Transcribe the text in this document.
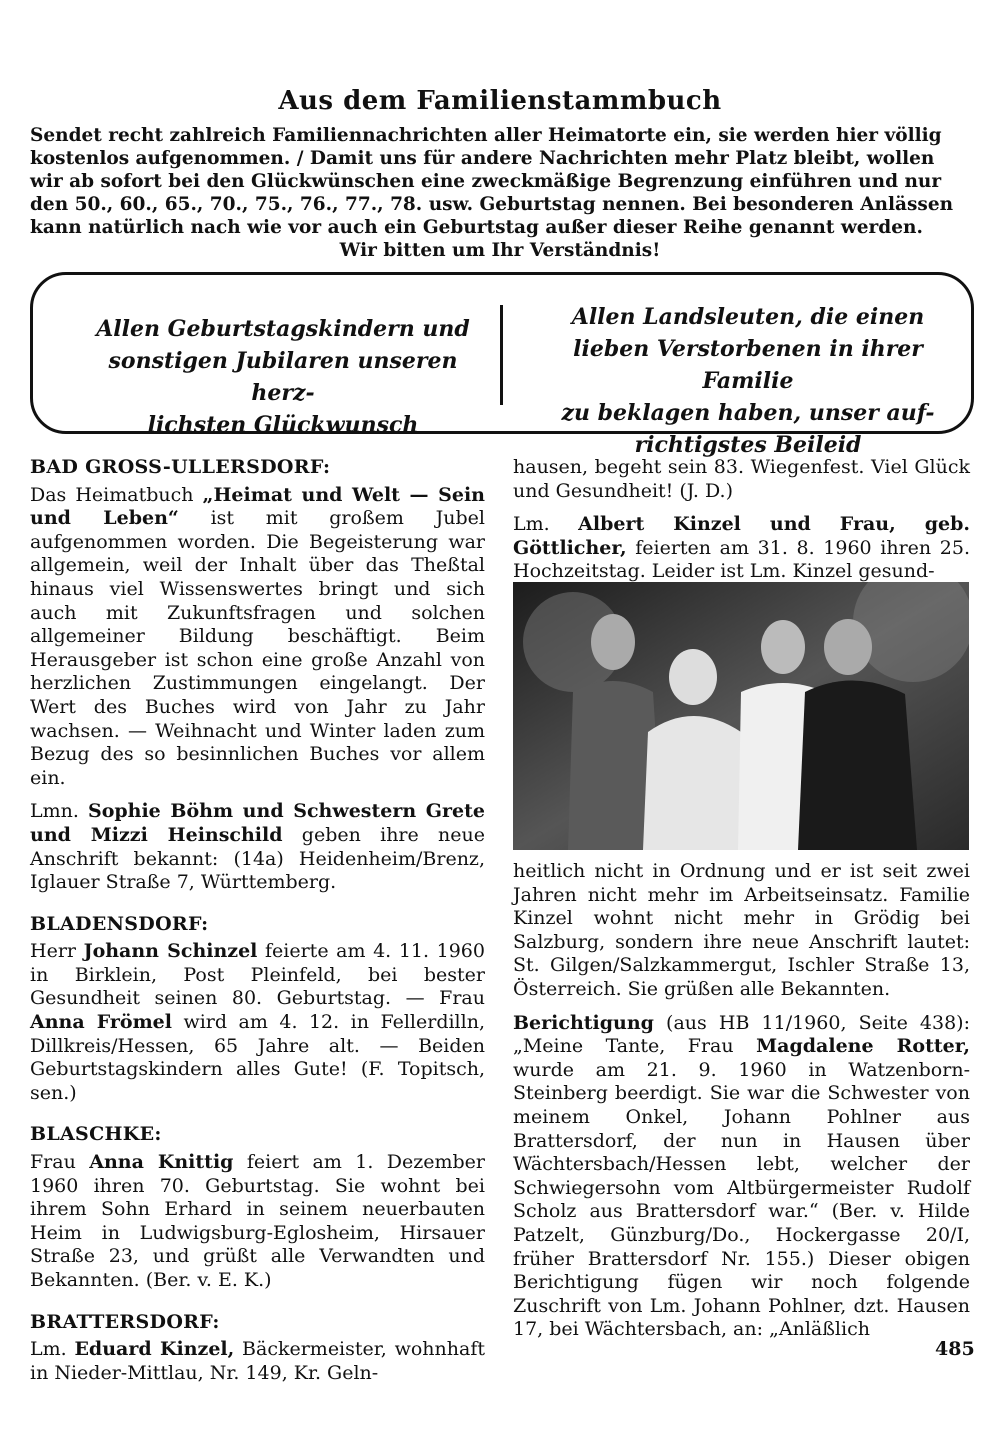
Aus dem Familienstammbuch
Sendet recht zahlreich Familiennachrichten aller Heimatorte ein, sie werden hier völlig
kostenlos aufgenommen. / Damit uns für andere Nachrichten mehr Platz bleibt, wollen
wir ab sofort bei den Glückwünschen eine zweckmäßige Begrenzung einführen und nur
den 50., 60., 65., 70., 75., 76., 77., 78. usw. Geburtstag nennen. Bei besonderen Anlässen
kann natürlich nach wie vor auch ein Geburtstag außer dieser Reihe genannt werden.
Wir bitten um Ihr Verständnis!
Allen Geburtstagskindern und
sonstigen Jubilaren unseren herz-
lichsten Glückwunsch
Allen Landsleuten, die einen
lieben Verstorbenen in ihrer Familie
zu beklagen haben, unser auf-
richtigstes Beileid
BAD GROSS-ULLERSDORF:

Das Heimatbuch „Heimat und Welt — Sein und Leben“ ist mit großem Jubel aufgenommen worden. Die Begeisterung war allgemein, weil der Inhalt über das Theßtal hinaus viel Wissenswertes bringt und sich auch mit Zukunftsfragen und solchen allgemeiner Bildung beschäftigt. Beim Herausgeber ist schon eine große Anzahl von herzlichen Zustimmungen eingelangt. Der Wert des Buches wird von Jahr zu Jahr wachsen. — Weihnacht und Winter laden zum Bezug des so besinnlichen Buches vor allem ein.

Lmn. Sophie Böhm und Schwestern Grete und Mizzi Heinschild geben ihre neue Anschrift bekannt: (14a) Heidenheim/Brenz, Iglauer Straße 7, Württemberg.

BLADENSDORF:

Herr Johann Schinzel feierte am 4. 11. 1960 in Birklein, Post Pleinfeld, bei bester Gesundheit seinen 80. Geburtstag. — Frau Anna Frömel wird am 4. 12. in Fellerdilln, Dillkreis/Hessen, 65 Jahre alt. — Beiden Geburtstagskindern alles Gute! (F. Topitsch, sen.)

BLASCHKE:

Frau Anna Knittig feiert am 1. Dezember 1960 ihren 70. Geburtstag. Sie wohnt bei ihrem Sohn Erhard in seinem neuerbauten Heim in Ludwigsburg-Eglosheim, Hirsauer Straße 23, und grüßt alle Verwandten und Bekannten. (Ber. v. E. K.)

BRATTERSDORF:

Lm. Eduard Kinzel, Bäckermeister, wohnhaft in Nieder-Mittlau, Nr. 149, Kr. Geln-

hausen, begeht sein 83. Wiegenfest. Viel Glück und Gesundheit! (J. D.)

Lm. Albert Kinzel und Frau, geb. Göttlicher, feierten am 31. 8. 1960 ihren 25. Hochzeitstag. Leider ist Lm. Kinzel gesund-

heitlich nicht in Ordnung und er ist seit zwei Jahren nicht mehr im Arbeitseinsatz. Familie Kinzel wohnt nicht mehr in Grödig bei Salzburg, sondern ihre neue Anschrift lautet: St. Gilgen/Salzkammergut, Ischler Straße 13, Österreich. Sie grüßen alle Bekannten.

Berichtigung (aus HB 11/1960, Seite 438): „Meine Tante, Frau Magdalene Rotter, wurde am 21. 9. 1960 in Watzenborn-Steinberg beerdigt. Sie war die Schwester von meinem Onkel, Johann Pohlner aus Brattersdorf, der nun in Hausen über Wächtersbach/Hessen lebt, welcher der Schwiegersohn vom Altbürgermeister Rudolf Scholz aus Brattersdorf war.“ (Ber. v. Hilde Patzelt, Günzburg/Do., Hockergasse 20/I, früher Brattersdorf Nr. 155.) Dieser obigen Berichtigung fügen wir noch folgende Zuschrift von Lm. Johann Pohlner, dzt. Hausen 17, bei Wächtersbach, an: „Anläßlich

485
